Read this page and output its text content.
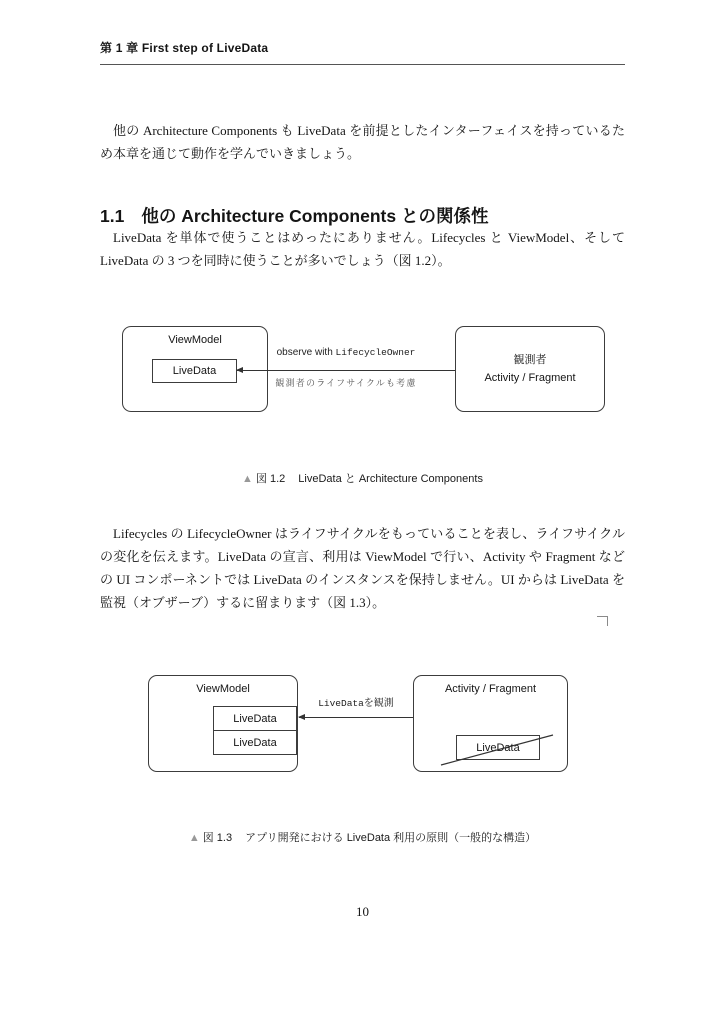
第 1 章 First step of LiveData

他の Architecture Components も LiveData を前提としたインターフェイスを持っているため本章を通じて動作を学んでいきましょう。

1.1 他の Architecture Components との関係性

LiveData を単体で使うことはめったにありません。Lifecycles と ViewModel、そして LiveData の 3 つを同時に使うことが多いでしょう（図 1.2）。

ViewModel
LiveData
observe with LifecycleOwner
観測者のライフサイクルも考慮
観測者
Activity / Fragment
▲ 図 1.2 LiveData と Architecture Components

Lifecycles の LifecycleOwner はライフサイクルをもっていることを表し、ライフサイクルの変化を伝えます。LiveData の宣言、利用は ViewModel で行い、Activity や Fragment などの UI コンポーネントでは LiveData のインスタンスを保持しません。UI からは LiveData を監視（オブザーブ）するに留まります（図 1.3）。

ViewModel
LiveData
LiveData
LiveDataを観測
Activity / Fragment
LiveData
▲ 図 1.3 アプリ開発における LiveData 利用の原則（一般的な構造）
10
